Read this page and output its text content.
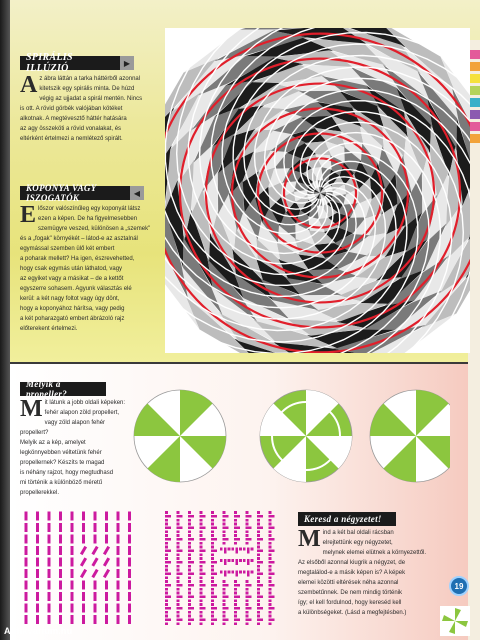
SPIRÁLIS ILLÚZIÓ	▶
A z ábra láttán a tarka háttérből azonnal

kitetszik egy spirális minta. De húzd

végig az ujjadat a spirál mentén. Nincs

is ott. A rövid görbék valójában kötéket

alkotnak. A megtévesztő háttér hatására

az agy összeköti a rövid vonalakat, és

eltérként értelmezi a nemlétező spirált.

KOPONYA VAGY ISZOGATÓK	◀
E lőszor valószínűleg egy koponyát látsz

ezen a képen. De ha figyelmesebben

szemügyre veszed, különösen a „szemek"

és a „fogak" környékét – látod-e az asztalnál

egymással szemben ülő két embert

a poharak mellett? Ha igen, észrevehetted,

hogy csak egymás után láthatod, vagy

az egyiket vagy a másikat – de a kettőt

egyszerre sohasem. Agyunk választás elé

kerül: a két nagy foltot vagy úgy dönt,

hogy a koponyához hárítsa, vagy pedig

a két poharazgató embert ábrázoló rajz

előterekent értelmezi.

Melyik a propeller?
M it látunk a jobb oldali képeken:

fehér alapon zöld propellert,

vagy zöld alapon fehér propellert?

Melyik az a kép, amelyet

legkönnyebben véltetünk fehér

propellernek? Készíts te magad

is néhány rajzot, hogy megtudhasd

mi történik a különböző méretű

propellerekkel.

Keresd a négyzetet!
M ind a két bal oldali rácsban

elrejtettünk egy négyzetet,

melynek elemei elütnek a környezettől.

Az elsőből azonnal kiugrik a négyzet, de

megtalálod-e a másik képen is? A képek

elemei közötti eltérések néha azonnal

szembetűnnek. De nem mindig történik

így; el kell fordulnod, hogy kereséd kell

a különbségeket. (Lásd a megfejtésben.)

19
Antikvarium.hu
